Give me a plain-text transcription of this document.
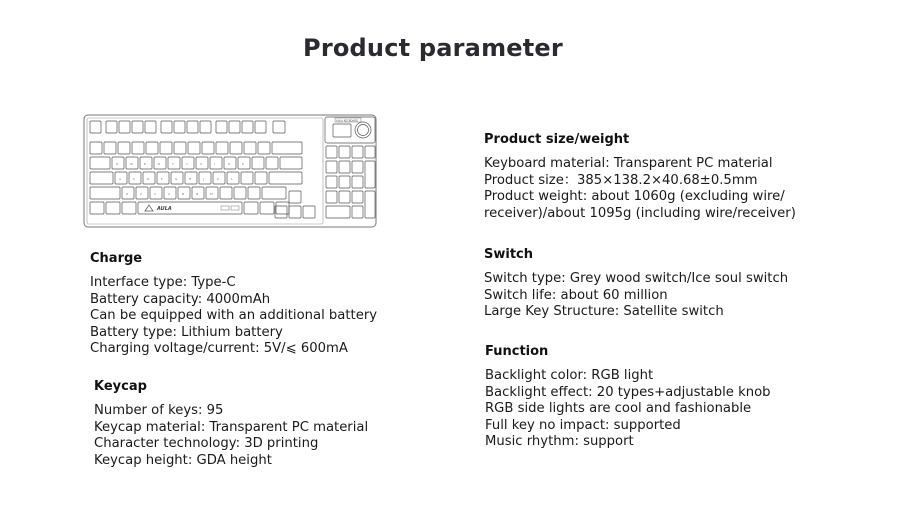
Product parameter
AULA
AULA KEYBOARD
Q	W	E	R	T	Y	U	I	O	P
A	S	D	F	G	H	J	K	L
Z	X	C	V	B	N	M
Charge
Interface type: Type-C
Battery capacity: 4000mAh
Can be equipped with an additional battery
Battery type: Lithium battery
Charging voltage/current: 5V/⩽ 600mA
Keycap
Number of keys: 95
Keycap material: Transparent PC material
Character technology: 3D printing
Keycap height: GDA height
Product size/weight
Keyboard material: Transparent PC material
Product size：385×138.2×40.68±0.5mm
Product weight: about 1060g (excluding wire/
receiver)/about 1095g (including wire/receiver)
Switch
Switch type: Grey wood switch/Ice soul switch
Switch life: about 60 million
Large Key Structure: Satellite switch
Function
Backlight color: RGB light
Backlight effect: 20 types+adjustable knob
RGB side lights are cool and fashionable
Full key no impact: supported
Music rhythm: support
